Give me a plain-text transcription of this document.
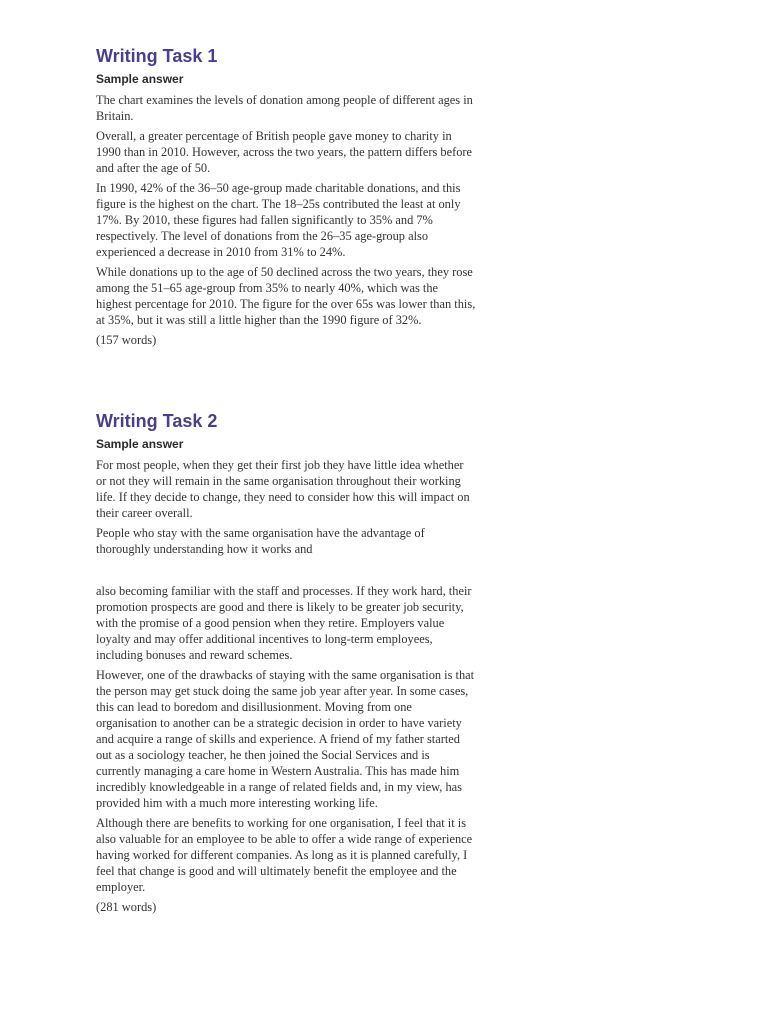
Writing Task 1
Sample answer

The chart examines the levels of donation among people of different ages in Britain.

Overall, a greater percentage of British people gave money to charity in 1990 than in 2010. However, across the two years, the pattern differs before and after the age of 50.

In 1990, 42% of the 36–50 age-group made charitable donations, and this figure is the highest on the chart. The 18–25s contributed the least at only 17%. By 2010, these figures had fallen significantly to 35% and 7% respectively. The level of donations from the 26–35 age-group also experienced a decrease in 2010 from 31% to 24%.

While donations up to the age of 50 declined across the two years, they rose among the 51–65 age-group from 35% to nearly 40%, which was the highest percentage for 2010. The figure for the over 65s was lower than this, at 35%, but it was still a little higher than the 1990 figure of 32%.

(157 words)

Writing Task 2
Sample answer

For most people, when they get their first job they have little idea whether or not they will remain in the same organisation throughout their working life. If they decide to change, they need to consider how this will impact on their career overall.

People who stay with the same organisation have the advantage of thoroughly understanding how it works and

also becoming familiar with the staff and processes. If they work hard, their promotion prospects are good and there is likely to be greater job security, with the promise of a good pension when they retire. Employers value loyalty and may offer additional incentives to long-term employees, including bonuses and reward schemes.

However, one of the drawbacks of staying with the same organisation is that the person may get stuck doing the same job year after year. In some cases, this can lead to boredom and disillusionment. Moving from one organisation to another can be a strategic decision in order to have variety and acquire a range of skills and experience. A friend of my father started out as a sociology teacher, he then joined the Social Services and is currently managing a care home in Western Australia. This has made him incredibly knowledgeable in a range of related fields and, in my view, has provided him with a much more interesting working life.

Although there are benefits to working for one organisation, I feel that it is also valuable for an employee to be able to offer a wide range of experience having worked for different companies. As long as it is planned carefully, I feel that change is good and will ultimately benefit the employee and the employer.

(281 words)
